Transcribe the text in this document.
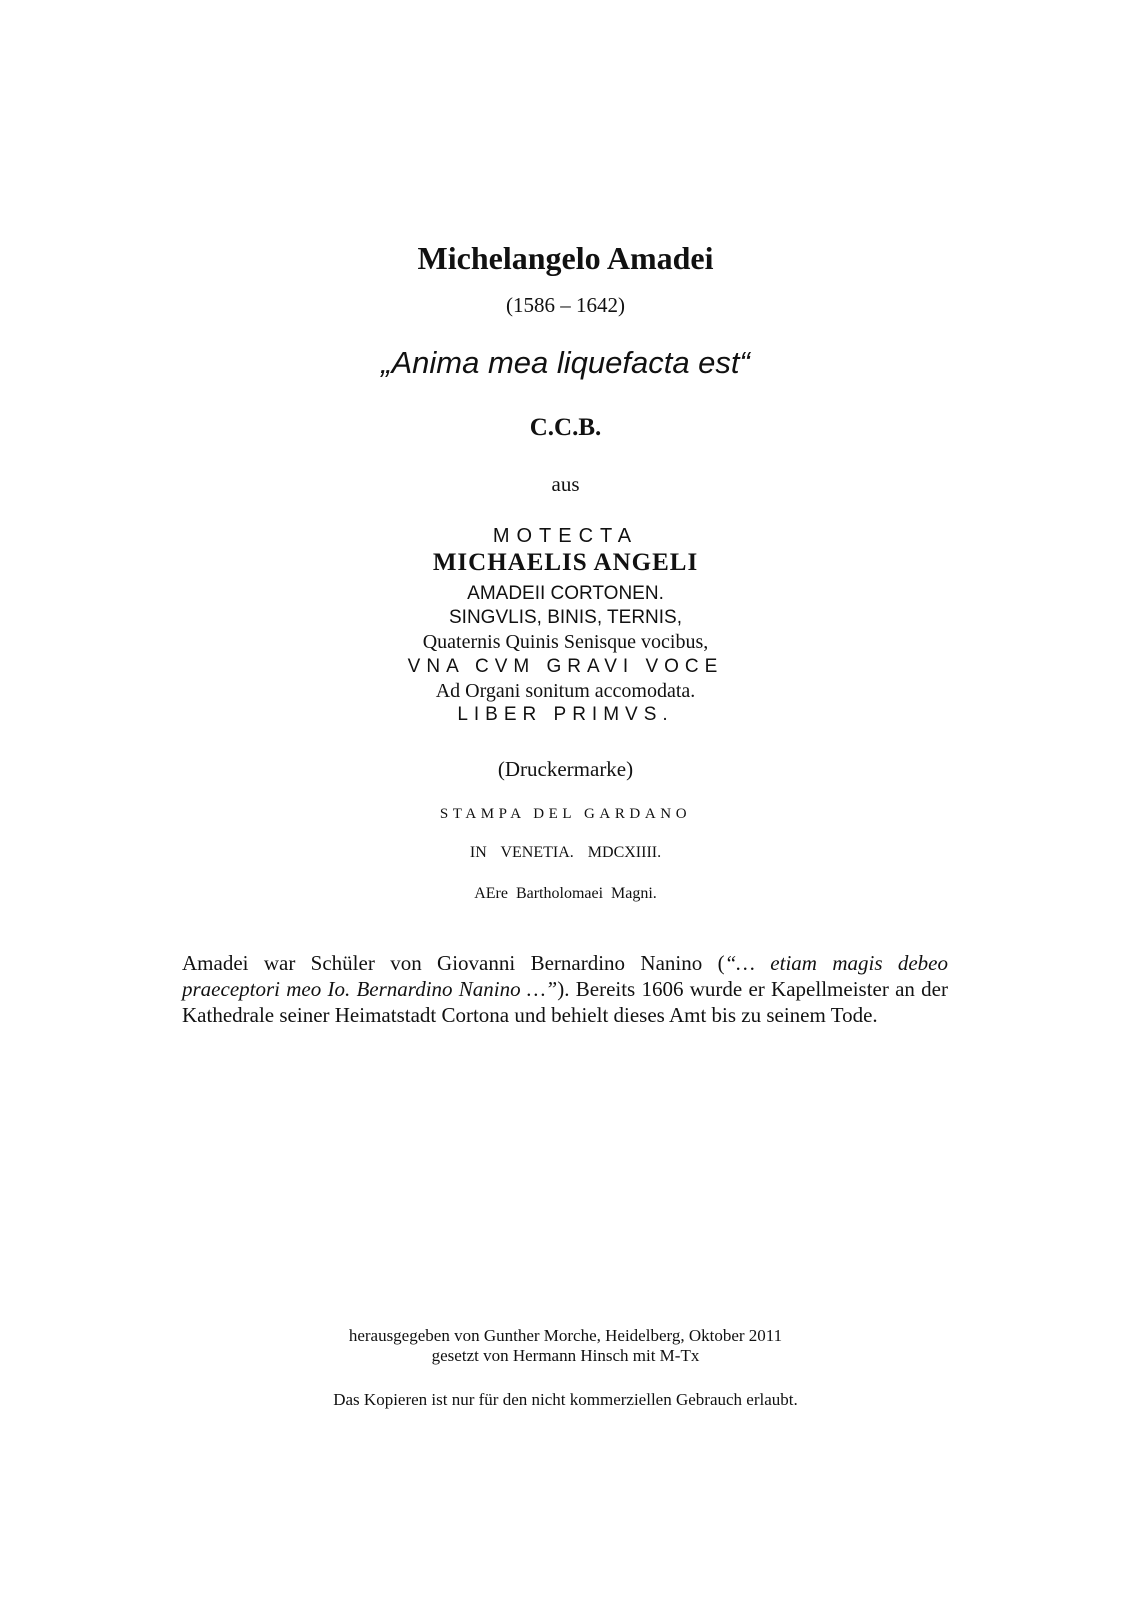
Michelangelo Amadei
(1586 – 1642)
„Anima mea liquefacta est“
C.C.B.
aus
MOTECTA
MICHAELIS ANGELI
AMADEII CORTONEN.
SINGVLIS, BINIS, TERNIS,
Quaternis Quinis Senisque vocibus,
VNA CVM GRAVI VOCE
Ad Organi sonitum accomodata.
LIBER PRIMVS.
(Druckermarke)
STAMPA DEL GARDANO
IN VENETIA. MDCXIIII.
AEre Bartholomaei Magni.

Amadei war Schüler von Giovanni Bernardino Nanino (“… etiam magis debeo praeceptori meo Io. Bernardino Nanino …”). Bereits 1606 wurde er Kapellmeister an der Kathedrale seiner Heimatstadt Cortona und behielt dieses Amt bis zu seinem Tode.

herausgegeben von Gunther Morche, Heidelberg, Oktober 2011
gesetzt von Hermann Hinsch mit M-Tx
Das Kopieren ist nur für den nicht kommerziellen Gebrauch erlaubt.
